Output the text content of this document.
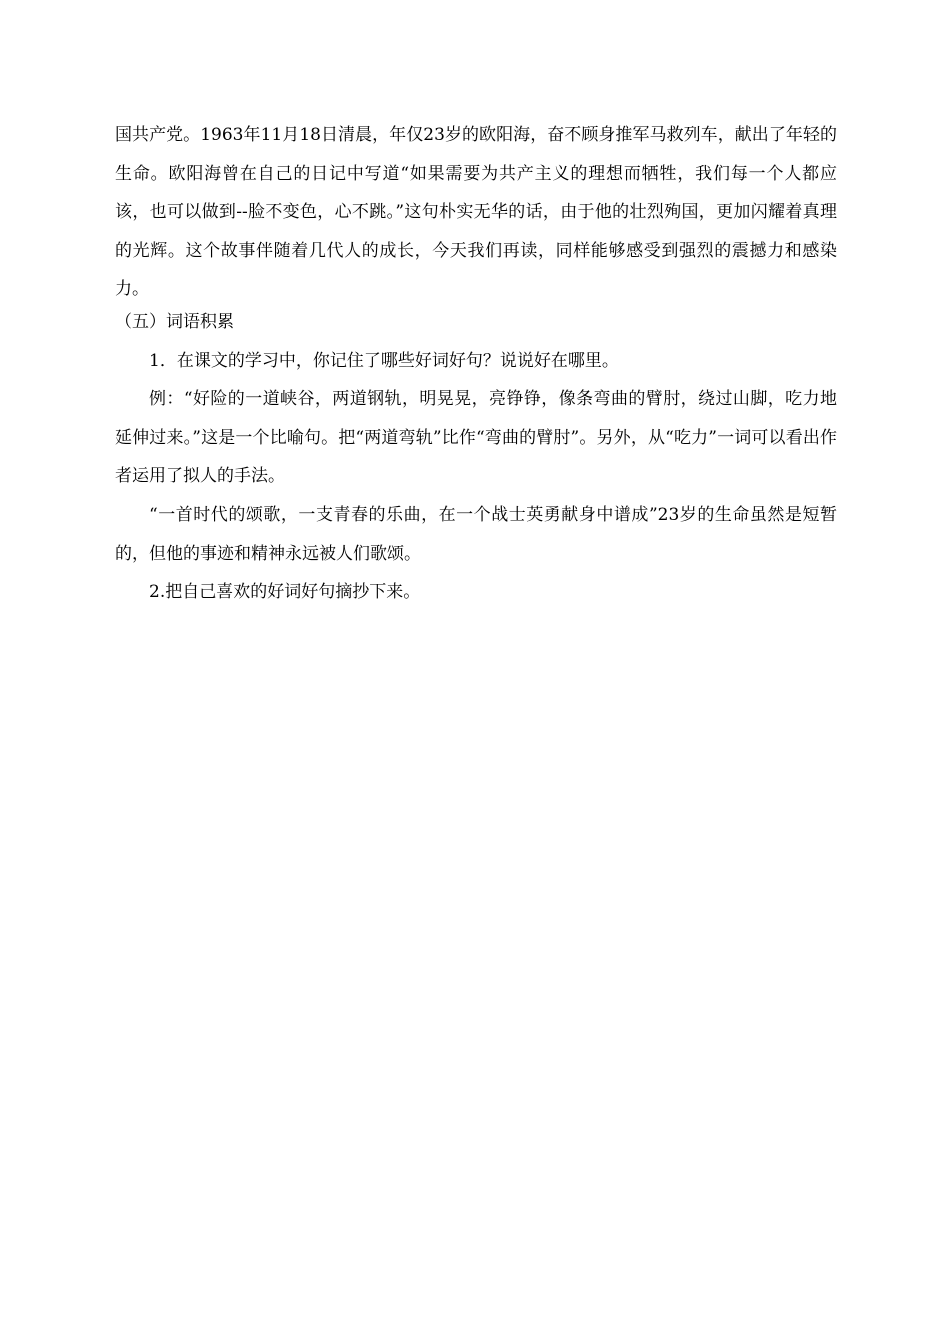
国共产党。1963年11月18日清晨，年仅23岁的欧阳海，奋不顾身推军马救列车，献出了年轻的生命。欧阳海曾在自己的日记中写道“如果需要为共产主义的理想而牺牲，我们每一个人都应该，也可以做到--脸不变色，心不跳。”这句朴实无华的话，由于他的壮烈殉国，更加闪耀着真理的光辉。这个故事伴随着几代人的成长，今天我们再读，同样能够感受到强烈的震撼力和感染力。

（五）词语积累

1．在课文的学习中，你记住了哪些好词好句？说说好在哪里。

例：“好险的一道峡谷，两道钢轨，明晃晃，亮铮铮，像条弯曲的臂肘，绕过山脚，吃力地延伸过来。”这是一个比喻句。把“两道弯轨”比作“弯曲的臂肘”。另外，从“吃力”一词可以看出作者运用了拟人的手法。

“一首时代的颂歌，一支青春的乐曲，在一个战士英勇献身中谱成”23岁的生命虽然是短暂的，但他的事迹和精神永远被人们歌颂。

2.把自己喜欢的好词好句摘抄下来。
